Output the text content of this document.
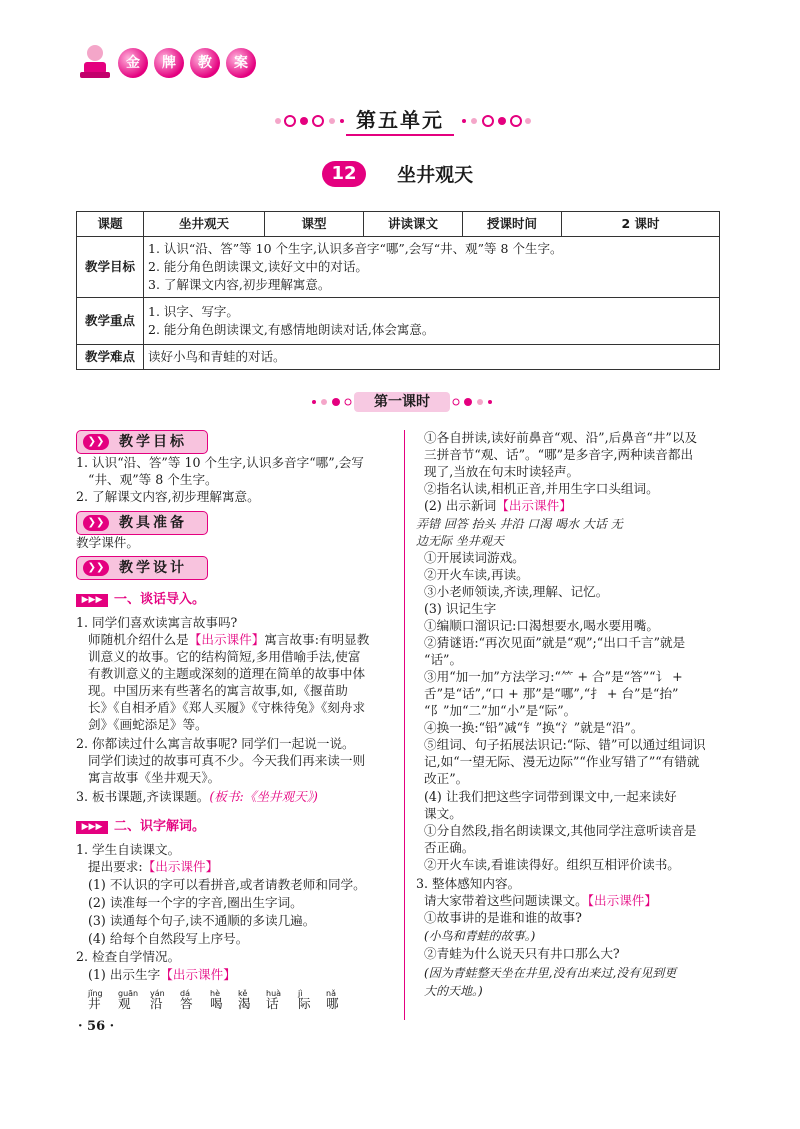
金	牌	教	案
第五单元
12 坐井观天
课题	坐井观天	课型	讲读课文	授课时间	2 课时
教学目标	1. 认识“沿、答”等 10 个生字,认识多音字“哪”,会写“井、观”等 8 个生字。
2. 能分角色朗读课文,读好文中的对话。
3. 了解课文内容,初步理解寓意。				

教学重点	1. 识字、写字。
2. 能分角色朗读课文,有感情地朗读对话,体会寓意。				

教学难点	读好小鸟和青蛙的对话。				
第一课时
❯❯	教学目标
1. 认识“沿、答”等 10 个生字,认识多音字“哪”,会写
“井、观”等 8 个生字。
2. 了解课文内容,初步理解寓意。
❯❯	教具准备
教学课件。
❯❯	教学设计
▶▶▶ 一、谈话导入。
1. 同学们喜欢读寓言故事吗?
师随机介绍什么是【出示课件】寓言故事:有明显教
训意义的故事。它的结构简短,多用借喻手法,使富
有教训意义的主题或深刻的道理在简单的故事中体
现。中国历来有些著名的寓言故事,如,《揠苗助
长》《自相矛盾》《郑人买履》《守株待兔》《刻舟求
剑》《画蛇添足》等。
2. 你都读过什么寓言故事呢? 同学们一起说一说。
同学们读过的故事可真不少。今天我们再来读一则
寓言故事《坐井观天》。
3. 板书课题,齐读课题。(板书:《坐井观天》)
▶▶▶ 二、识字解词。
1. 学生自读课文。
提出要求:【出示课件】
(1) 不认识的字可以看拼音,或者请教老师和同学。
(2) 读准每一个字的字音,圈出生字词。
(3) 读通每个句子,读不通顺的多读几遍。
(4) 给每个自然段写上序号。
2. 检查自学情况。
(1) 出示生字【出示课件】
jǐng guān yán dá	hè kě huà jì	nǎ
井 观 沿 答 喝 渴 话 际 哪
①各自拼读,读好前鼻音“观、沿”,后鼻音“井”以及
三拼音节“观、话”。“哪”是多音字,两种读音都出
现了,当放在句末时读轻声。
②指名认读,相机正音,并用生字口头组词。
(2) 出示新词【出示课件】
弄错 回答 抬头 井沿 口渴 喝水 大话 无
边无际 坐井观天
①开展读词游戏。
②开火车读,再读。
③小老师领读,齐读,理解、记忆。
(3) 识记生字
①编顺口溜识记:口渴想要水,喝水要用嘴。
②猜谜语:“再次见面”就是“观”;“出口千言”就是
“话”。
③用“加一加”方法学习:“⺮ + 合”是“答”“讠 +
舌”是“话”,“口 + 那”是“哪”,“扌 + 台”是“抬”
“阝”加“二”加“小”是“际”。
④换一换:“铅”减“钅”换“氵”就是“沿”。
⑤组词、句子拓展法识记:“际、错”可以通过组词识
记,如“一望无际、漫无边际”“作业写错了”“有错就
改正”。
(4) 让我们把这些字词带到课文中,一起来读好
课文。
①分自然段,指名朗读课文,其他同学注意听读音是
否正确。
②开火车读,看谁读得好。组织互相评价读书。
3. 整体感知内容。
请大家带着这些问题读课文。【出示课件】
①故事讲的是谁和谁的故事?
(小鸟和青蛙的故事。)
②青蛙为什么说天只有井口那么大?
(因为青蛙整天坐在井里,没有出来过,没有见到更
大的天地。)
· 56 ·
